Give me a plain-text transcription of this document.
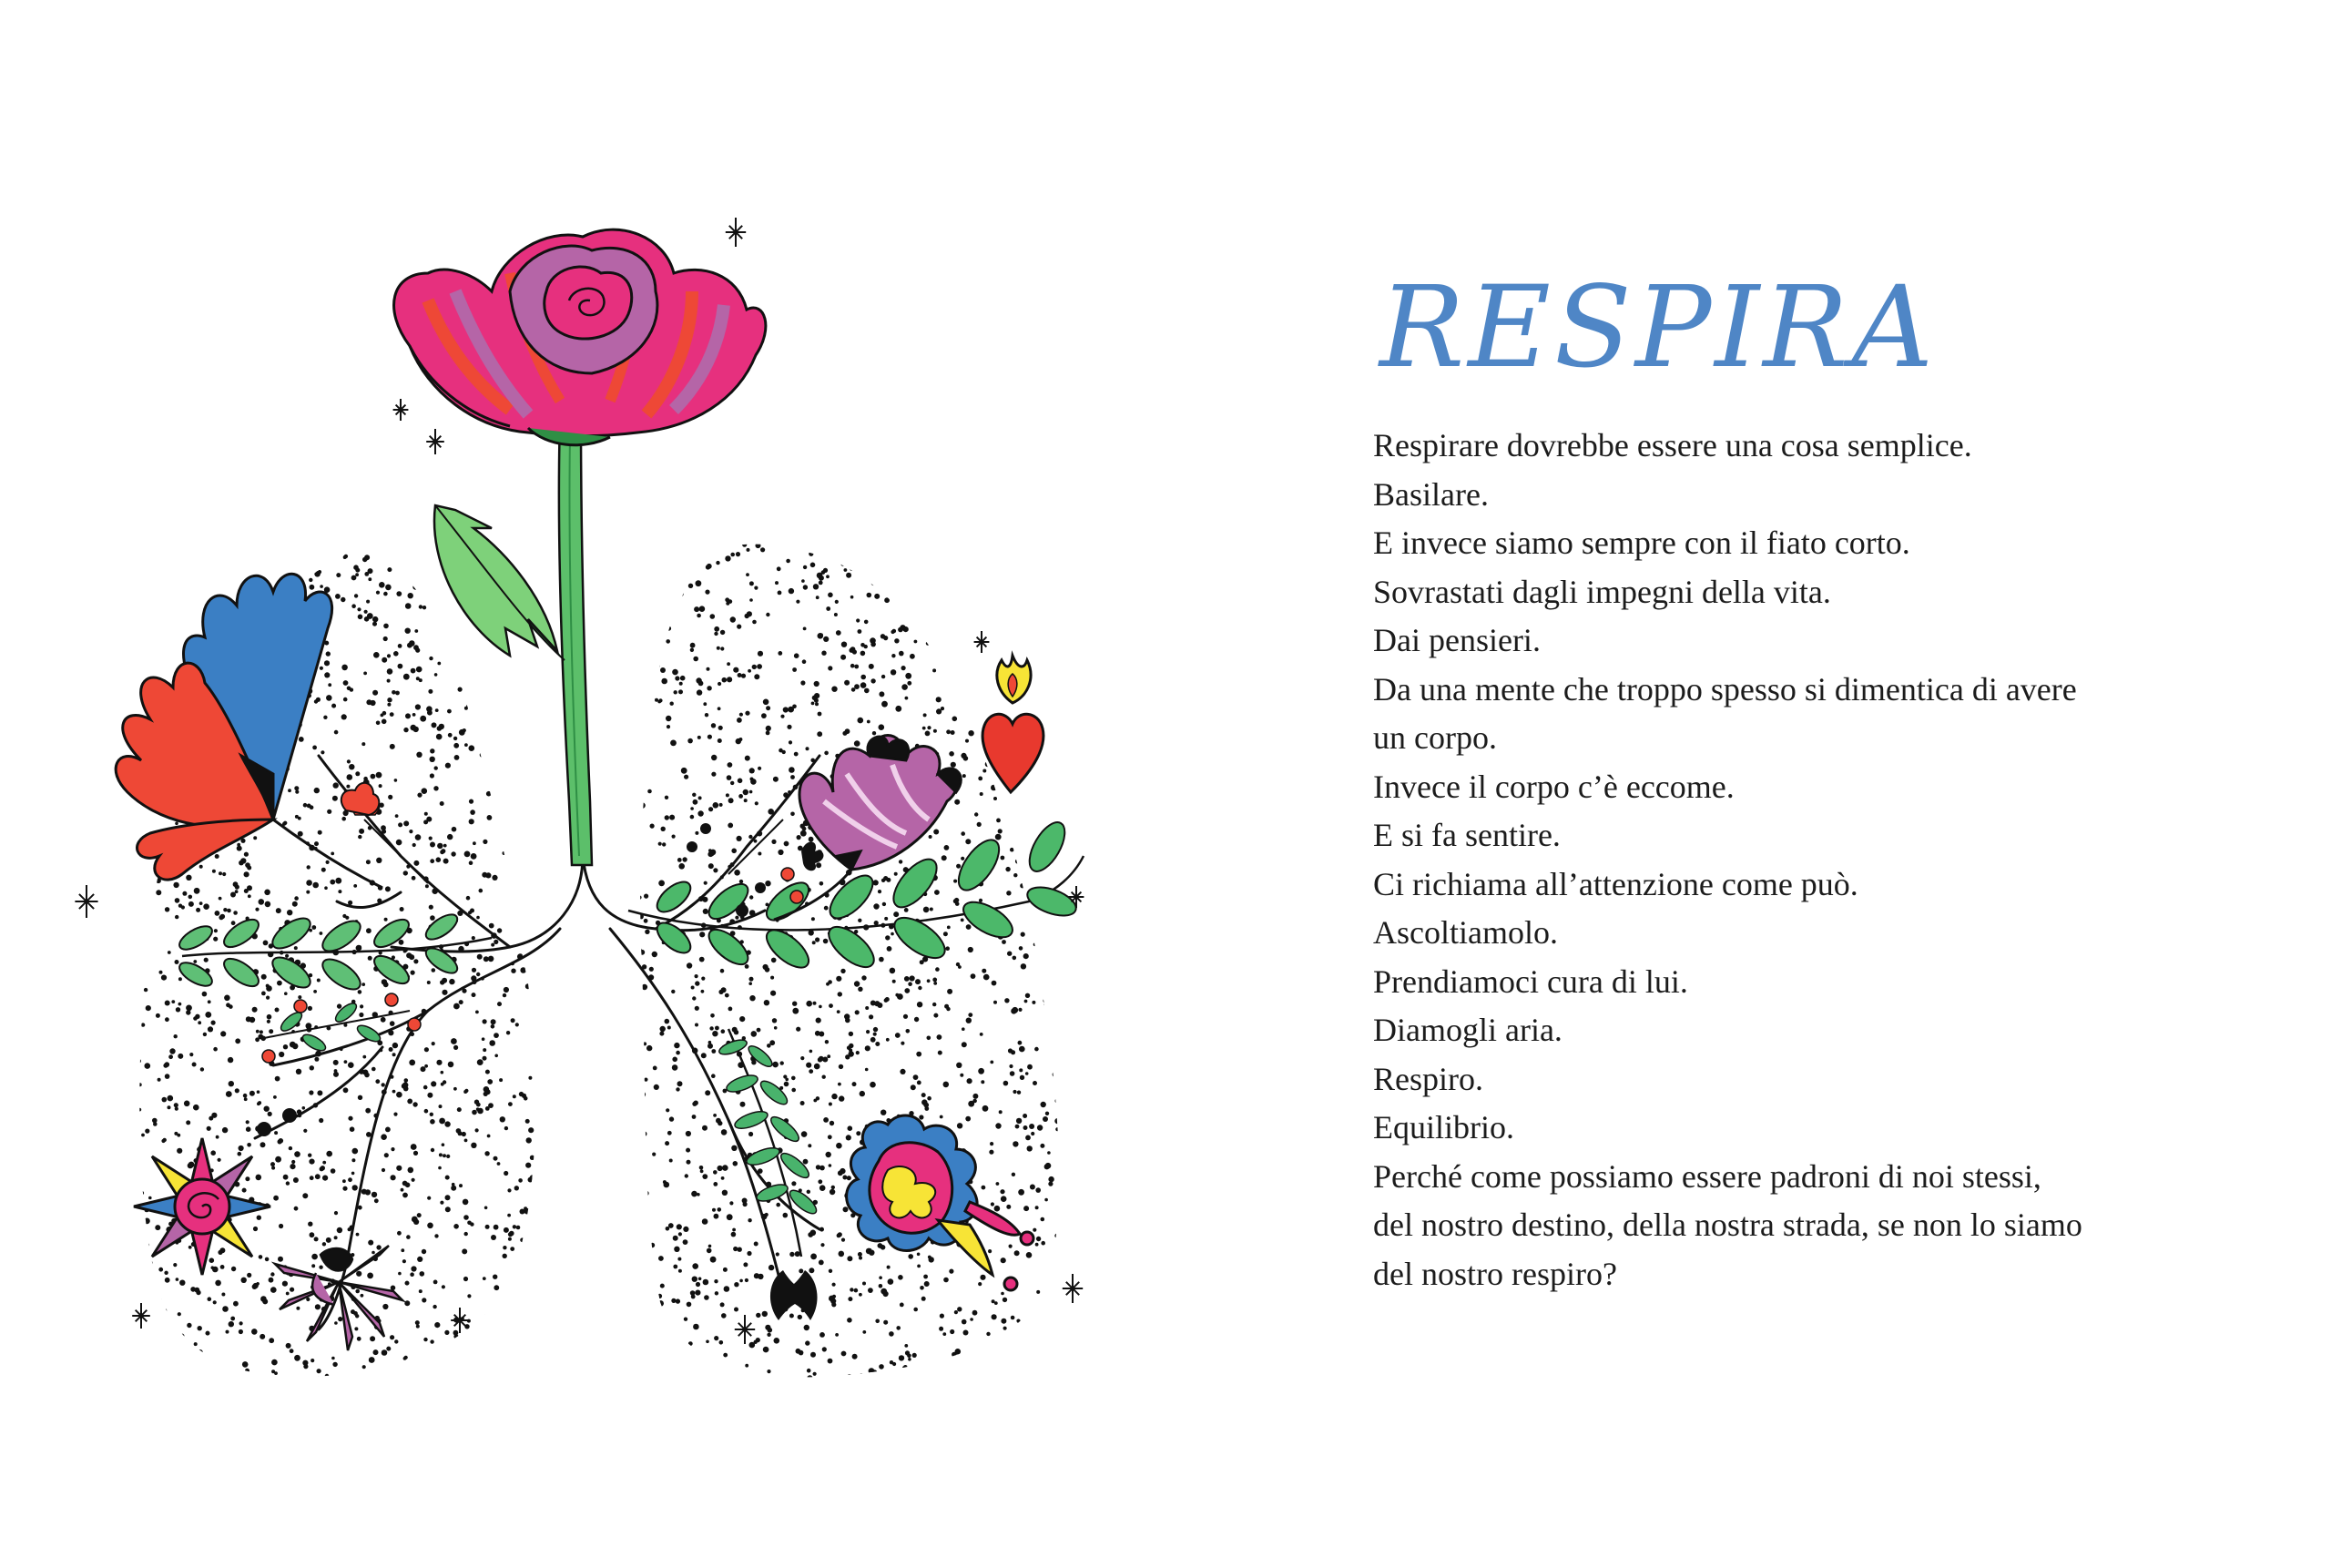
RESPIRA
Respirare dovrebbe essere una cosa semplice.
Basilare.
E invece siamo sempre con il fiato corto.
Sovrastati dagli impegni della vita.
Dai pensieri.
Da una mente che troppo spesso si dimentica di avere
un corpo.
Invece il corpo c’è eccome.
E si fa sentire.
Ci richiama all’attenzione come può.
Ascoltiamolo.
Prendiamoci cura di lui.
Diamogli aria.
Respiro.
Equilibrio.
Perché come possiamo essere padroni di noi stessi,
del nostro destino, della nostra strada, se non lo siamo
del nostro respiro?
